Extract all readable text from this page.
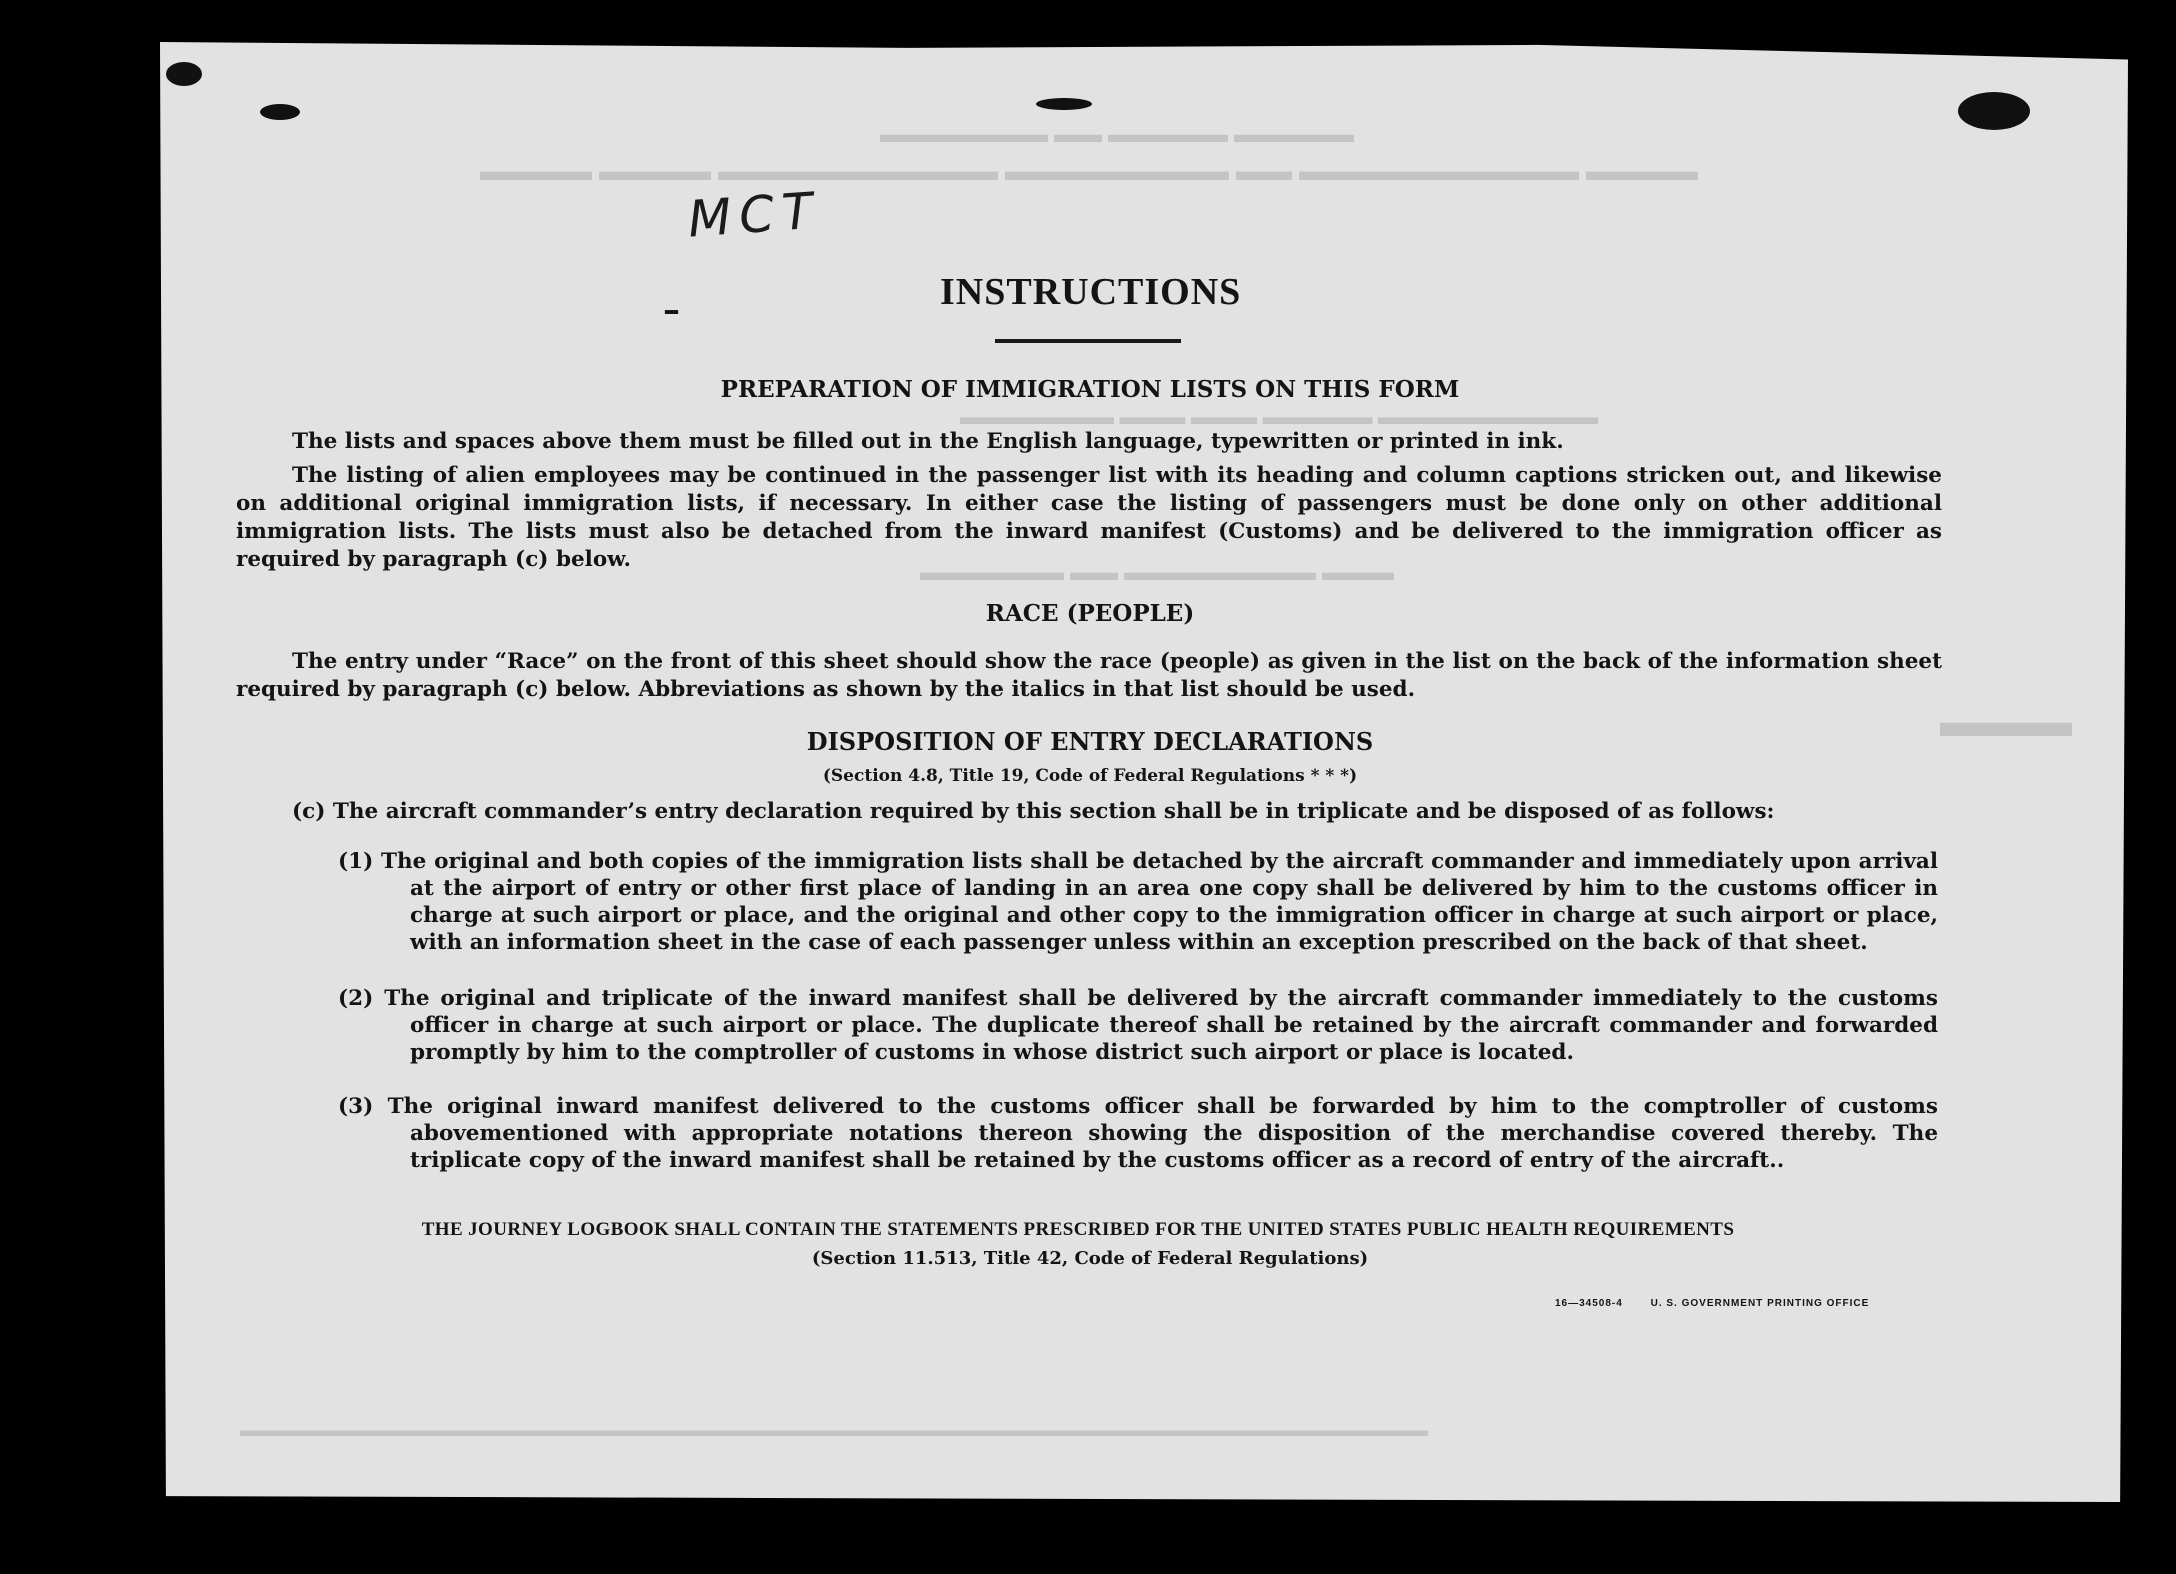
▬▬▬▬▬ ▬▬▬▬▬ ▬▬ ▬▬▬▬▬▬▬
▬▬▬▬ ▬▬▬▬▬▬▬▬▬▬ ▬▬ ▬▬▬▬▬▬▬▬ ▬▬▬▬▬▬▬▬▬▬ ▬▬▬▬ ▬▬▬▬
▬▬▬▬▬▬▬▬▬▬ ▬▬▬▬▬ ▬▬▬ ▬▬▬ ▬▬▬▬▬▬▬
▬▬▬ ▬▬▬▬▬▬▬▬ ▬▬ ▬▬▬▬▬▬
▬▬▬
▬▬▬▬▬▬▬▬▬▬▬▬▬▬▬▬▬▬▬▬▬▬▬▬▬▬▬▬▬▬▬▬▬▬▬▬▬▬▬▬▬▬▬▬▬▬▬▬▬▬▬▬▬▬▬▬▬▬▬▬▬▬▬▬▬▬
MCT
–	INSTRUCTIONS
PREPARATION OF IMMIGRATION LISTS ON THIS FORM

The lists and spaces above them must be filled out in the English language, typewritten or printed in ink.

The listing of alien employees may be continued in the passenger list with its heading and column captions stricken out, and likewise on additional original immigration lists, if necessary. In either case the listing of passengers must be done only on other additional immigration lists. The lists must also be detached from the inward manifest (Customs) and be delivered to the immigration officer as required by paragraph (c) below.

RACE (PEOPLE)

The entry under “Race” on the front of this sheet should show the race (people) as given in the list on the back of the information sheet required by paragraph (c) below. Abbreviations as shown by the italics in that list should be used.

DISPOSITION OF ENTRY DECLARATIONS

(Section 4.8, Title 19, Code of Federal Regulations * * *)

(c) The aircraft commander’s entry declaration required by this section shall be in triplicate and be disposed of as follows:

(1) The original and both copies of the immigration lists shall be detached by the aircraft commander and immediately upon arrival at the airport of entry or other first place of landing in an area one copy shall be delivered by him to the customs officer in charge at such airport or place, and the original and other copy to the immigration officer in charge at such airport or place, with an information sheet in the case of each passenger unless within an exception prescribed on the back of that sheet.

(2) The original and triplicate of the inward manifest shall be delivered by the aircraft commander immediately to the customs officer in charge at such airport or place. The duplicate thereof shall be retained by the aircraft commander and forwarded promptly by him to the comptroller of customs in whose district such airport or place is located.

(3) The original inward manifest delivered to the customs officer shall be forwarded by him to the comptroller of customs abovementioned with appropriate notations thereon showing the disposition of the merchandise covered thereby. The triplicate copy of the inward manifest shall be retained by the customs officer as a record of entry of the aircraft..

THE JOURNEY LOGBOOK SHALL CONTAIN THE STATEMENTS PRESCRIBED FOR THE UNITED STATES PUBLIC HEALTH REQUIREMENTS

(Section 11.513, Title 42, Code of Federal Regulations)

16—34508-4	U. S. GOVERNMENT PRINTING OFFICE
